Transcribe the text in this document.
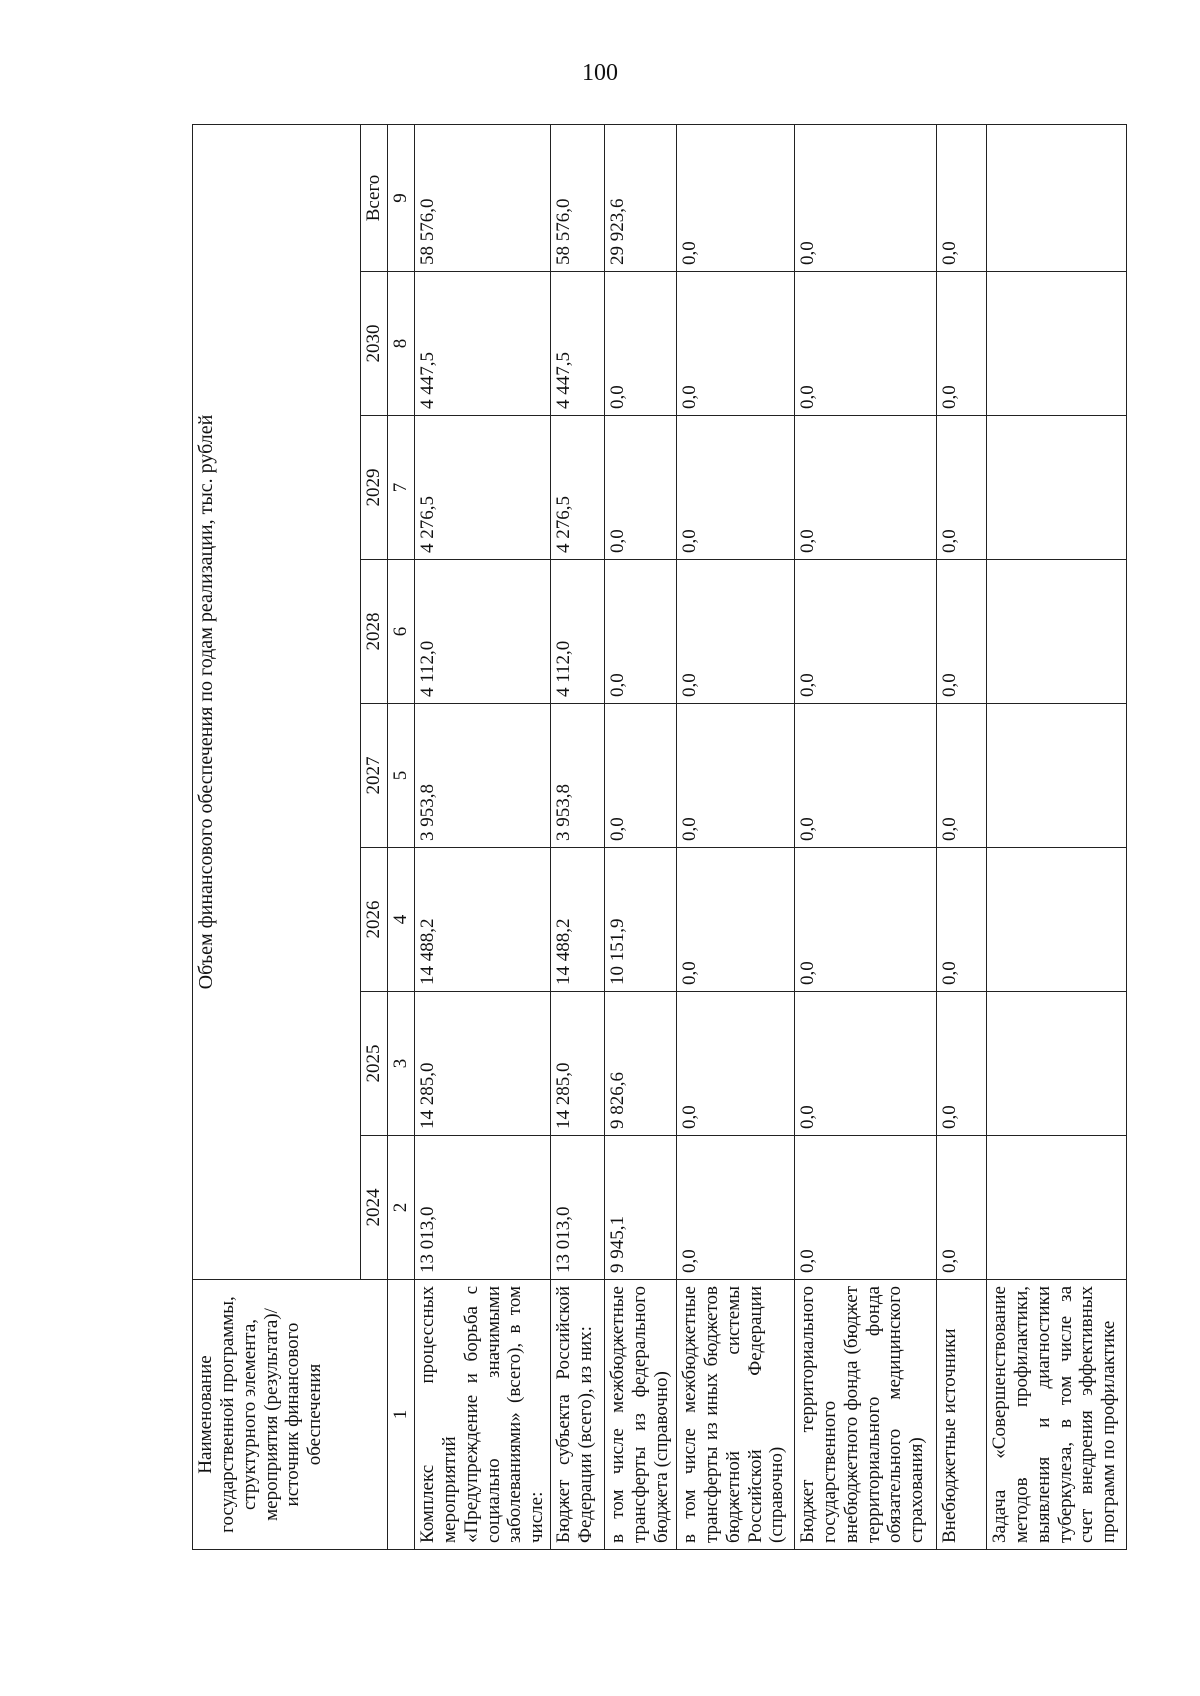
100
Наименование государственной программы, структурного элемента, мероприятия (результата)/источник финансового обеспечения	Объем финансового обеспечения по годам реализации, тыс. рублей							
	2024	2025	2026	2027	2028	2029	2030	Всего
1	2	3	4	5	6	7	8	9
Комплекс процессных мероприятий «Предупреждение и борьба с социально значимыми заболеваниями» (всего), в том числе:	13 013,0	14 285,0	14 488,2	3 953,8	4 112,0	4 276,5	4 447,5	58 576,0
Бюджет субъекта Российской Федерации (всего), из них:	13 013,0	14 285,0	14 488,2	3 953,8	4 112,0	4 276,5	4 447,5	58 576,0
в том числе межбюджетные трансферты из федерального бюджета (справочно)	9 945,1	9 826,6	10 151,9	0,0	0,0	0,0	0,0	29 923,6
в том числе межбюджетные трансферты из иных бюджетов бюджетной системы Российской Федерации (справочно)	0,0	0,0	0,0	0,0	0,0	0,0	0,0	0,0
Бюджет территориального государственного внебюджетного фонда (бюджет территориального фонда обязательного медицинского страхования)	0,0	0,0	0,0	0,0	0,0	0,0	0,0	0,0
Внебюджетные источники	0,0	0,0	0,0	0,0	0,0	0,0	0,0	0,0
Задача «Совершенствование методов профилактики, выявления и диагностики туберкулеза, в том числе за счет внедрения эффективных программ по профилактике								
